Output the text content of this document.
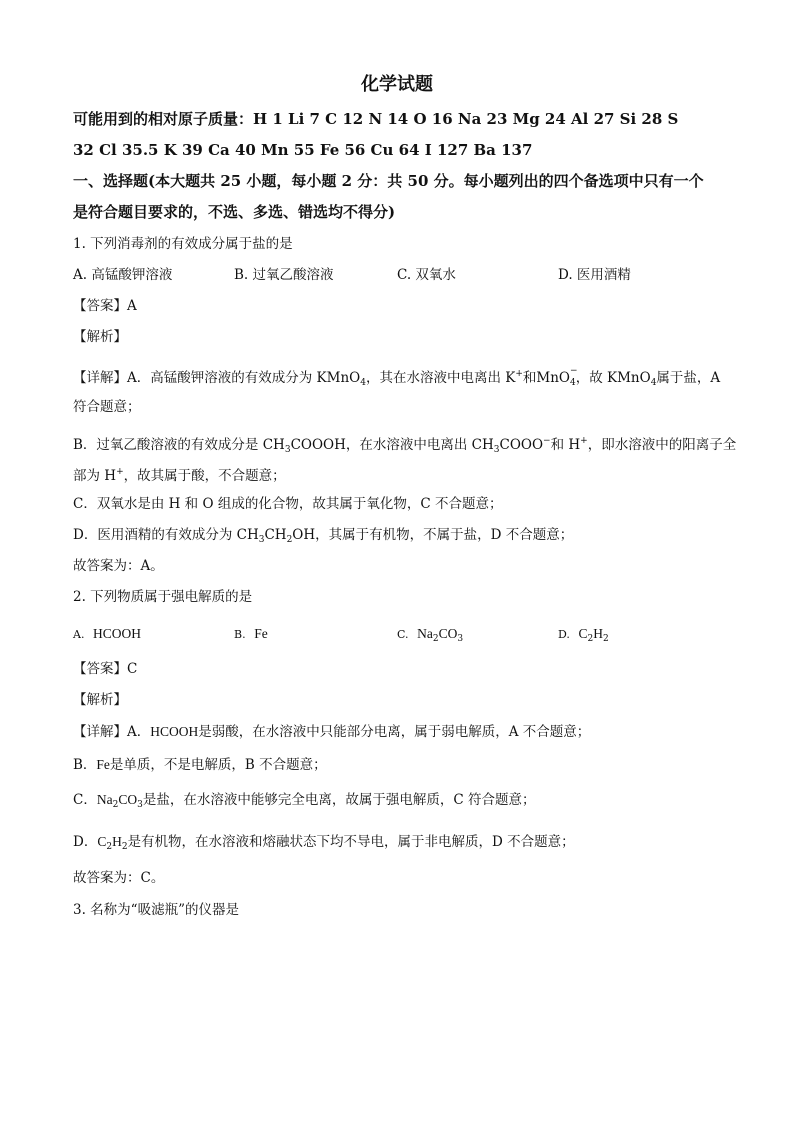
化学试题
可能用到的相对原子质量：H 1 Li 7 C 12 N 14 O 16 Na 23 Mg 24 Al 27 Si 28 S
32 Cl 35.5 K 39 Ca 40 Mn 55 Fe 56 Cu 64 I 127 Ba 137
一、选择题(本大题共 25 小题，每小题 2 分：共 50 分。每小题列出的四个备选项中只有一个
是符合题目要求的，不选、多选、错选均不得分)
1. 下列消毒剂的有效成分属于盐的是
A. 高锰酸钾溶液	B. 过氧乙酸溶液	C. 双氧水	D. 医用酒精
【答案】A
【解析】
【详解】A．高锰酸钾溶液的有效成分为 KMnO$_4$，其在水溶液中电离出 K+和MnO −
$_4$，故 KMnO$_4$属于盐，A
符合题意；
B．过氧乙酸溶液的有效成分是 $CH_3COOOH$，在水溶液中电离出 $CH_3COOO^-$和 H+，即水溶液中的阳离子全
部为 H+，故其属于酸，不合题意；
C．双氧水是由 H 和 O 组成的化合物，故其属于氧化物，C 不合题意；
D．医用酒精的有效成分为 $CH_3CH_2OH$，其属于有机物，不属于盐，D 不合题意；
故答案为：A。
2. 下列物质属于强电解质的是
A. HCOOH	B. Fe	C. $Na_2CO_3$	D. $C_2H_2$
【答案】C
【解析】
【详解】A．HCOOH是弱酸，在水溶液中只能部分电离，属于弱电解质，A 不合题意；
B．Fe是单质，不是电解质，B 不合题意；
C．$Na_2CO_3$是盐，在水溶液中能够完全电离，故属于强电解质，C 符合题意；
D．$C_2H_2$是有机物，在水溶液和熔融状态下均不导电，属于非电解质，D 不合题意；
故答案为：C。
3. 名称为“吸滤瓶”的仪器是
